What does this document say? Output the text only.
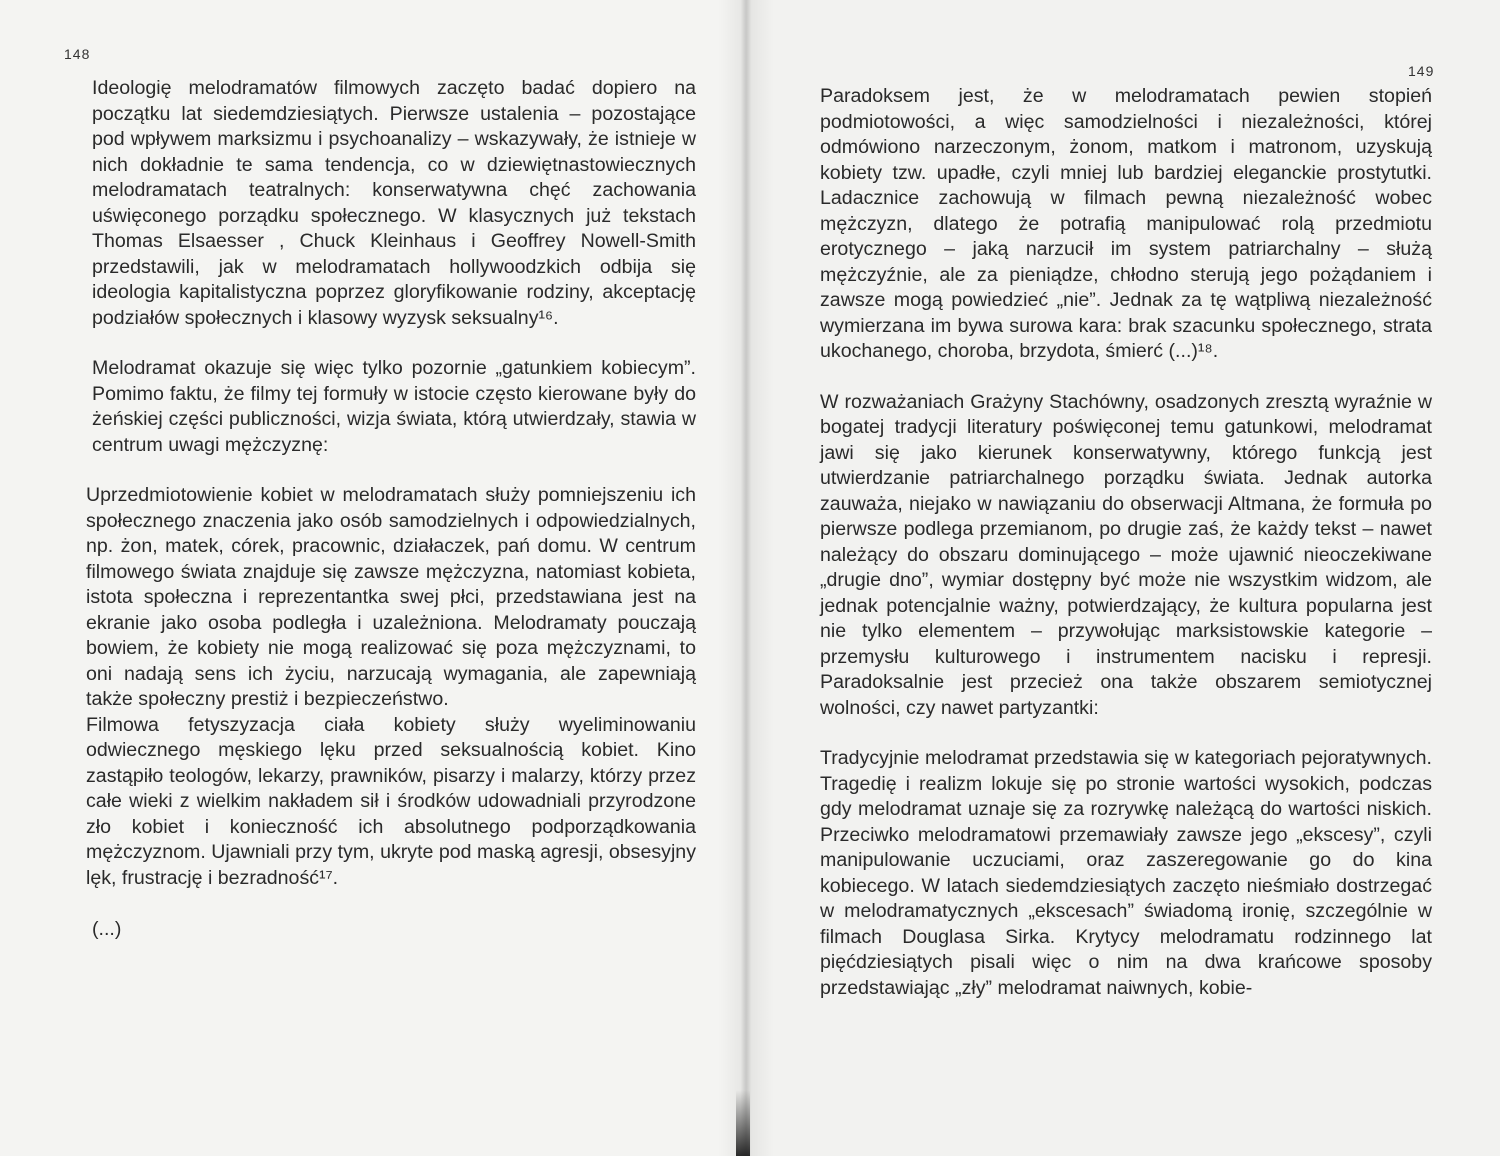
148

Ideologię melodramatów filmowych zaczęto badać dopiero na początku lat siedemdziesiątych. Pierwsze ustalenia – pozostające pod wpływem marksizmu i psychoanalizy – wskazywały, że istnieje w nich dokładnie te sama tendencja, co w dziewiętnastowiecznych melodramatach teatralnych: konserwatywna chęć zachowania uświęconego porządku społecznego. W klasycznych już tekstach Thomas Elsaesser , Chuck Kleinhaus i Geoffrey Nowell-Smith przedstawili, jak w melodramatach hollywoodzkich odbija się ideologia kapitalistyczna poprzez gloryfikowanie rodziny, akceptację podziałów społecznych i klasowy wyzysk seksualny¹⁶.

Melodramat okazuje się więc tylko pozornie „gatunkiem kobiecym”. Pomimo faktu, że filmy tej formuły w istocie często kierowane były do żeńskiej części publiczności, wizja świata, którą utwierdzały, stawia w centrum uwagi mężczyznę:

Uprzedmiotowienie kobiet w melodramatach służy pomniejszeniu ich społecznego znaczenia jako osób samodzielnych i odpowiedzialnych, np. żon, matek, córek, pracownic, działaczek, pań domu. W centrum filmowego świata znajduje się zawsze mężczyzna, natomiast kobieta, istota społeczna i reprezentantka swej płci, przedstawiana jest na ekranie jako osoba podległa i uzależniona. Melodramaty pouczają bowiem, że kobiety nie mogą realizować się poza mężczyznami, to oni nadają sens ich życiu, narzucają wymagania, ale zapewniają także społeczny prestiż i bezpieczeństwo.

Filmowa fetyszyzacja ciała kobiety służy wyeliminowaniu odwiecznego męskiego lęku przed seksualnością kobiet. Kino zastąpiło teologów, lekarzy, prawników, pisarzy i malarzy, którzy przez całe wieki z wielkim nakładem sił i środków udowadniali przyrodzone zło kobiet i konieczność ich absolutnego podporządkowania mężczyznom. Ujawniali przy tym, ukryte pod maską agresji, obsesyjny lęk, frustrację i bezradność¹⁷.

(...)

149

Paradoksem jest, że w melodramatach pewien stopień podmiotowości, a więc samodzielności i niezależności, której odmówiono narzeczonym, żonom, matkom i matronom, uzyskują kobiety tzw. upadłe, czyli mniej lub bardziej eleganckie prostytutki. Ladacznice zachowują w filmach pewną niezależność wobec mężczyzn, dlatego że potrafią manipulować rolą przedmiotu erotycznego – jaką narzucił im system patriarchalny – służą mężczyźnie, ale za pieniądze, chłodno sterują jego pożądaniem i zawsze mogą powiedzieć „nie”. Jednak za tę wątpliwą niezależność wymierzana im bywa surowa kara: brak szacunku społecznego, strata ukochanego, choroba, brzydota, śmierć (...)¹⁸.

W rozważaniach Grażyny Stachówny, osadzonych zresztą wyraźnie w bogatej tradycji literatury poświęconej temu gatunkowi, melodramat jawi się jako kierunek konserwatywny, którego funkcją jest utwierdzanie patriarchalnego porządku świata. Jednak autorka zauważa, niejako w nawiązaniu do obserwacji Altmana, że formuła po pierwsze podlega przemianom, po drugie zaś, że każdy tekst – nawet należący do obszaru dominującego – może ujawnić nieoczekiwane „drugie dno”, wymiar dostępny być może nie wszystkim widzom, ale jednak potencjalnie ważny, potwierdzający, że kultura popularna jest nie tylko elementem – przywołując marksistowskie kategorie – przemysłu kulturowego i instrumentem nacisku i represji. Paradoksalnie jest przecież ona także obszarem semiotycznej wolności, czy nawet partyzantki:

Tradycyjnie melodramat przedstawia się w kategoriach pejoratywnych. Tragedię i realizm lokuje się po stronie wartości wysokich, podczas gdy melodramat uznaje się za rozrywkę należącą do wartości niskich. Przeciwko melodramatowi przemawiały zawsze jego „ekscesy”, czyli manipulowanie uczuciami, oraz zaszeregowanie go do kina kobiecego. W latach siedemdziesiątych zaczęto nieśmiało dostrzegać w melodramatycznych „ekscesach” świadomą ironię, szczególnie w filmach Douglasa Sirka. Krytycy melodramatu rodzinnego lat pięćdziesiątych pisali więc o nim na dwa krańcowe sposoby przedstawiając „zły” melodramat naiwnych, kobie-
